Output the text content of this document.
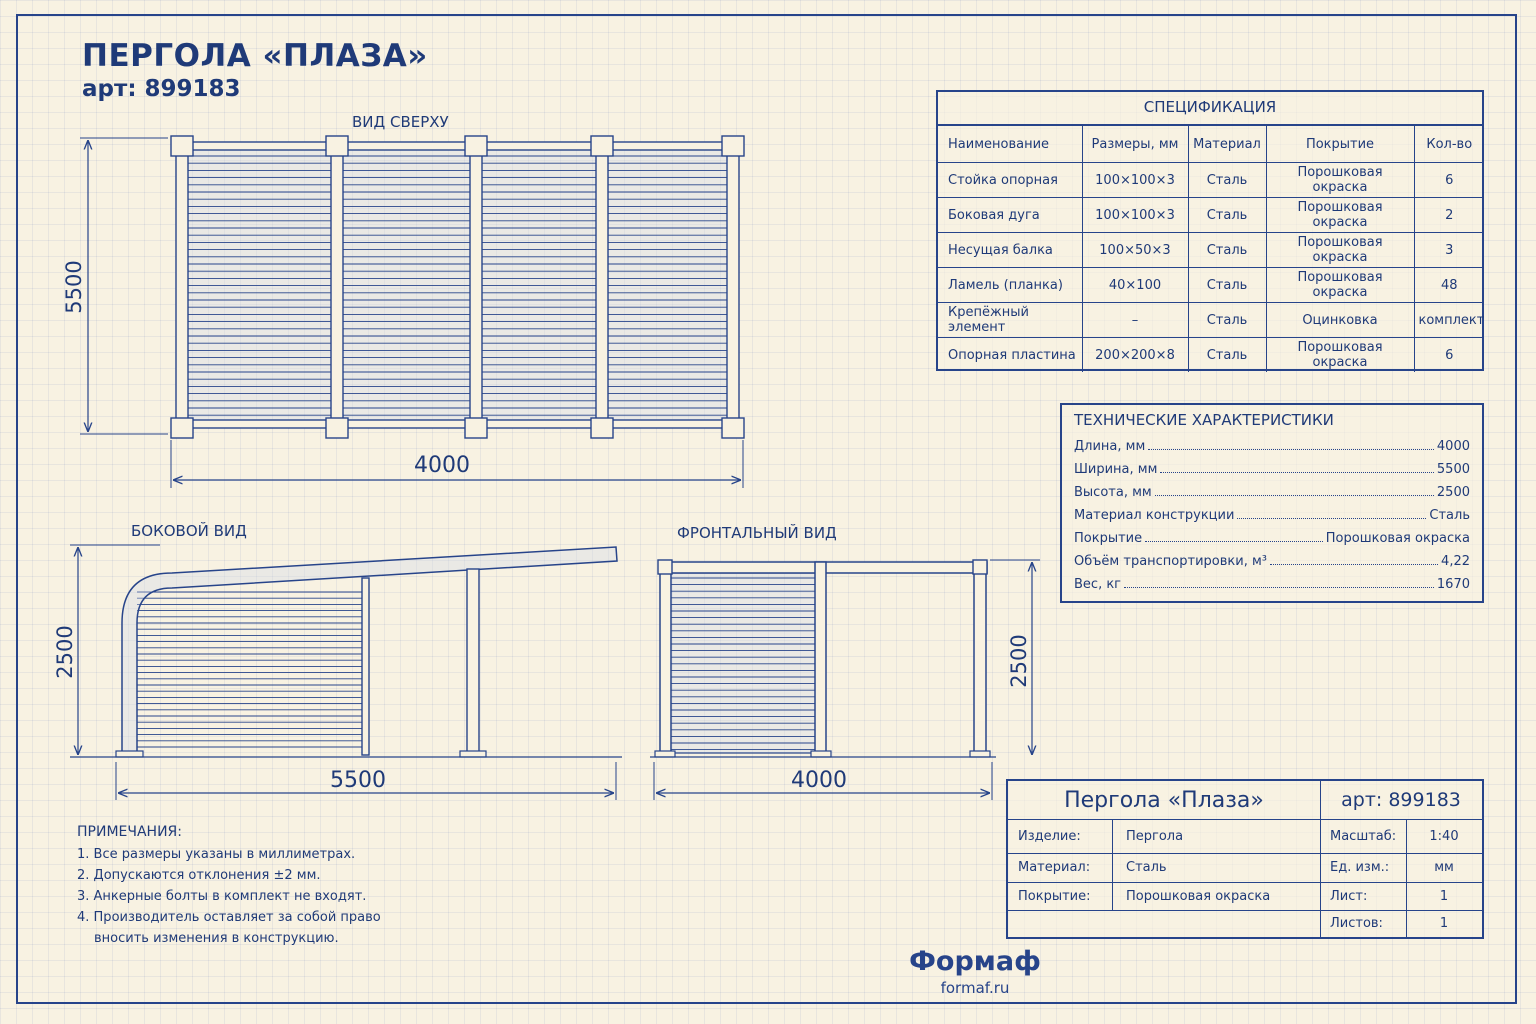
ПЕРГОЛА «ПЛАЗА»
арт: 899183
ВИД СВЕРХУ
БОКОВОЙ ВИД	ФРОНТАЛЬНЫЙ ВИД
4000
5500
5500
2500
4000
2500
СПЕЦИФИКАЦИЯ
Наименование	Размеры, мм	Материал	Покрытие	Кол-во
Стойка опорная	100×100×3	Сталь	Порошковая окраска	6
Боковая дуга	100×100×3	Сталь	Порошковая окраска	2
Несущая балка	100×50×3	Сталь	Порошковая окраска	3
Ламель (планка)	40×100	Сталь	Порошковая окраска	48
Крепёжный элемент	–	Сталь	Оцинковка	комплект
Опорная пластина	200×200×8	Сталь	Порошковая окраска	6
ТЕХНИЧЕСКИЕ ХАРАКТЕРИСТИКИ
Длина, мм	4000
Ширина, мм	5500
Высота, мм	2500
Материал конструкции	Сталь
Покрытие	Порошковая окраска
Объём транспортировки, м³	4,22
Вес, кг	1670
Пергола «Плаза»	арт: 899183
Изделие:	Пергола
Материал:	Сталь
Покрытие:	Порошковая окраска
Масштаб:	1:40
Ед. изм.:	мм
Лист:	1
Листов:	1
ПРИМЕЧАНИЯ:
1. Все размеры указаны в миллиметрах.
2. Допускаются отклонения ±2 мм.
3. Анкерные болты в комплект не входят.
4. Производитель оставляет за собой право вносить изменения в конструкцию.
Формаф
formaf.ru
